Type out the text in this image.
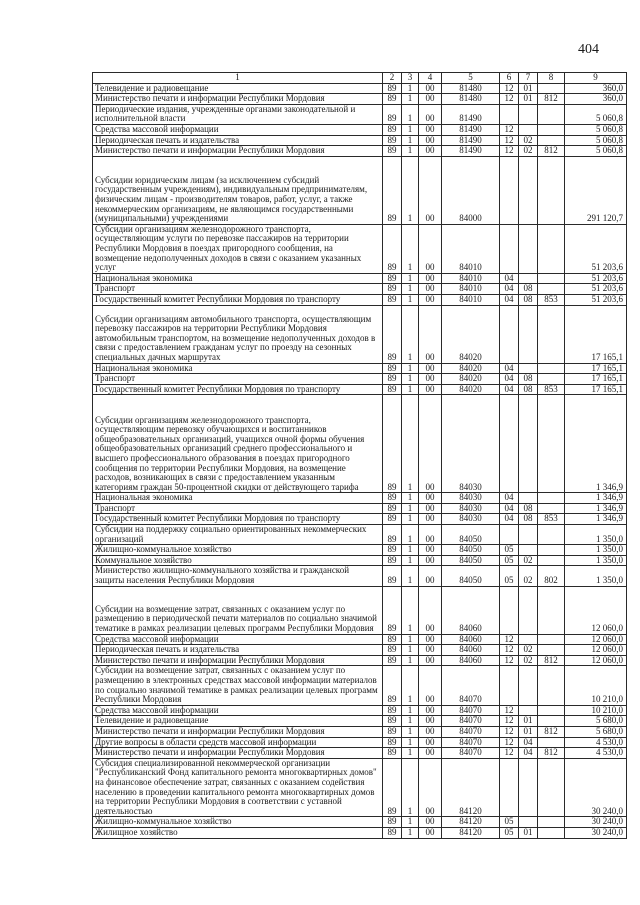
404
1	2	3	4	5	6	7	8	9
Телевидение и радиовещание	89	1	00	81480	12	01		360,0
Министерство печати и информации Республики Мордовия	89	1	00	81480	12	01	812	360,0
Периодические издания, учрежденные органами законодательной и исполнительной власти	89	1	00	81490				5 060,8
Средства массовой информации	89	1	00	81490	12			5 060,8
Периодическая печать и издательства	89	1	00	81490	12	02		5 060,8
Министерство печати и информации Республики Мордовия	89	1	00	81490	12	02	812	5 060,8
Субсидии юридическим лицам (за исключением субсидий государственным учреждениям), индивидуальным предпринимателям, физическим лицам - производителям товаров, работ, услуг, а также некоммерческим организациям, не являющимся государственными (муниципальными) учреждениями	89	1	00	84000				291 120,7
Субсидии организациям железнодорожного транспорта, осуществляющим услуги по перевозке пассажиров на территории Республики Мордовия в поездах пригородного сообщения, на возмещение недополученных доходов в связи с оказанием указанных услуг	89	1	00	84010				51 203,6
Национальная экономика	89	1	00	84010	04			51 203,6
Транспорт	89	1	00	84010	04	08		51 203,6
Государственный комитет Республики Мордовия по транспорту	89	1	00	84010	04	08	853	51 203,6
Субсидии организациям автомобильного транспорта, осуществляющим перевозку пассажиров на территории Республики Мордовия автомобильным транспортом, на возмещение недополученных доходов в связи с предоставлением гражданам услуг по проезду на сезонных специальных дачных маршрутах	89	1	00	84020				17 165,1
Национальная экономика	89	1	00	84020	04			17 165,1
Транспорт	89	1	00	84020	04	08		17 165,1
Государственный комитет Республики Мордовия по транспорту	89	1	00	84020	04	08	853	17 165,1
Субсидии организациям железнодорожного транспорта, осуществляющим перевозку обучающихся и воспитанников общеобразовательных организаций, учащихся очной формы обучения общеобразовательных организаций среднего профессионального и высшего профессионального образования в поездах пригородного сообщения по территории Республики Мордовия, на возмещение расходов, возникающих в связи с предоставлением указанным категориям граждан 50-процентной скидки от действующего тарифа	89	1	00	84030				1 346,9
Национальная экономика	89	1	00	84030	04			1 346,9
Транспорт	89	1	00	84030	04	08		1 346,9
Государственный комитет Республики Мордовия по транспорту	89	1	00	84030	04	08	853	1 346,9
Субсидии на поддержку социально ориентированных некоммерческих организаций	89	1	00	84050				1 350,0
Жилищно-коммунальное хозяйство	89	1	00	84050	05			1 350,0
Коммунальное хозяйство	89	1	00	84050	05	02		1 350,0
Министерство жилищно-коммунального хозяйства и гражданской защиты населения Республики Мордовия	89	1	00	84050	05	02	802	1 350,0
Субсидии на возмещение затрат, связанных с оказанием услуг по размещению в периодической печати материалов по социально значимой тематике в рамках реализации целевых программ Республики Мордовия	89	1	00	84060				12 060,0
Средства массовой информации	89	1	00	84060	12			12 060,0
Периодическая печать и издательства	89	1	00	84060	12	02		12 060,0
Министерство печати и информации Республики Мордовия	89	1	00	84060	12	02	812	12 060,0
Субсидии на возмещение затрат, связанных с оказанием услуг по размещению в электронных средствах массовой информации материалов по социально значимой тематике в рамках реализации целевых программ Республики Мордовия	89	1	00	84070				10 210,0
Средства массовой информации	89	1	00	84070	12			10 210,0
Телевидение и радиовещание	89	1	00	84070	12	01		5 680,0
Министерство печати и информации Республики Мордовия	89	1	00	84070	12	01	812	5 680,0
Другие вопросы в области средств массовой информации	89	1	00	84070	12	04		4 530,0
Министерство печати и информации Республики Мордовия	89	1	00	84070	12	04	812	4 530,0
Субсидия специализированной некоммерческой организации "Республиканский Фонд капитального ремонта многоквартирных домов" на финансовое обеспечение затрат, связанных с оказанием содействия населению в проведении капитального ремонта многоквартирных домов на территории Республики Мордовия в соответствии с уставной деятельностью	89	1	00	84120				30 240,0
Жилищно-коммунальное хозяйство	89	1	00	84120	05			30 240,0
Жилищное хозяйство	89	1	00	84120	05	01		30 240,0
